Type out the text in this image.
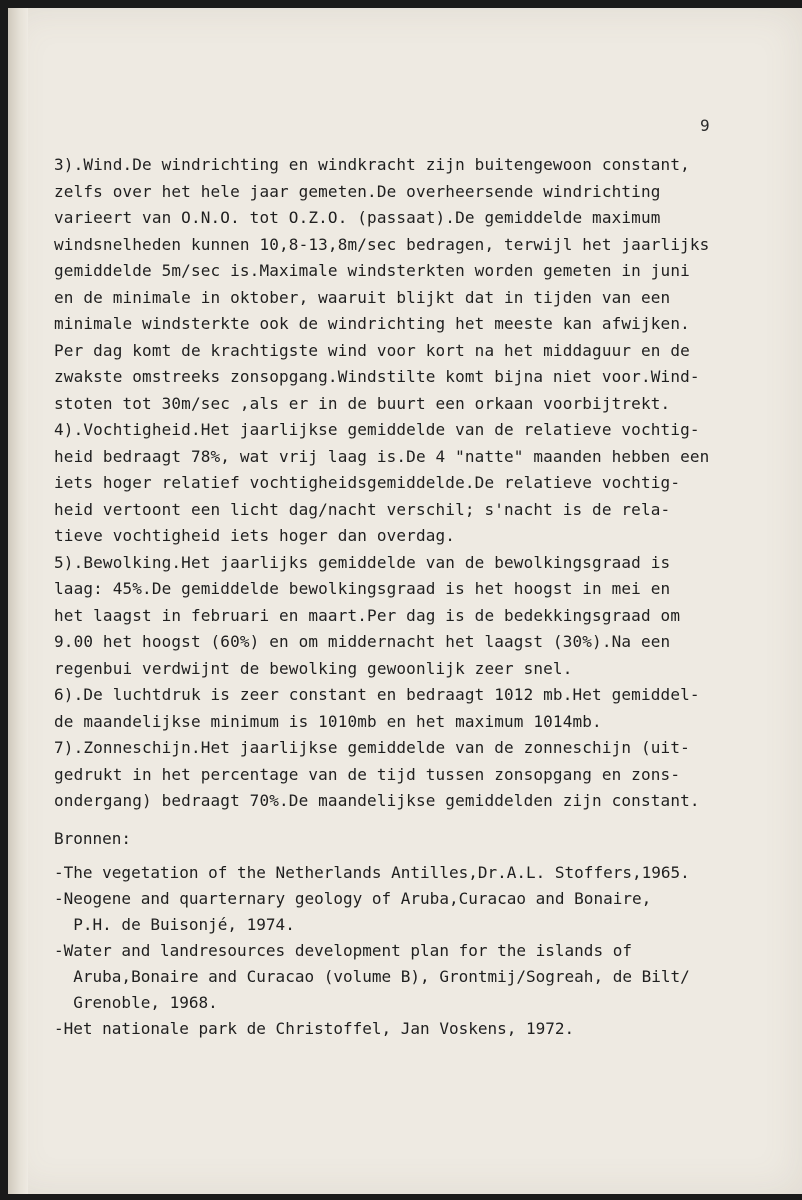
9
3).Wind.De windrichting en windkracht zijn buitengewoon constant,
zelfs over het hele jaar gemeten.De overheersende windrichting
varieert van O.N.O. tot O.Z.O. (passaat).De gemiddelde maximum
windsnelheden kunnen 10,8-13,8m/sec bedragen, terwijl het jaarlijks
gemiddelde 5m/sec is.Maximale windsterkten worden gemeten in juni
en de minimale in oktober, waaruit blijkt dat in tijden van een
minimale windsterkte ook de windrichting het meeste kan afwijken.
Per dag komt de krachtigste wind voor kort na het middaguur en de
zwakste omstreeks zonsopgang.Windstilte komt bijna niet voor.Wind-
stoten tot 30m/sec ,als er in de buurt een orkaan voorbijtrekt.
4).Vochtigheid.Het jaarlijkse gemiddelde van de relatieve vochtig-
heid bedraagt 78%, wat vrij laag is.De 4 "natte" maanden hebben een
iets hoger relatief vochtigheidsgemiddelde.De relatieve vochtig-
heid vertoont een licht dag/nacht verschil; s'nacht is de rela-
tieve vochtigheid iets hoger dan overdag.
5).Bewolking.Het jaarlijks gemiddelde van de bewolkingsgraad is
laag: 45%.De gemiddelde bewolkingsgraad is het hoogst in mei en
het laagst in februari en maart.Per dag is de bedekkingsgraad om
9.00 het hoogst (60%) en om middernacht het laagst (30%).Na een
regenbui verdwijnt de bewolking gewoonlijk zeer snel.
6).De luchtdruk is zeer constant en bedraagt 1012 mb.Het gemiddel-
de maandelijkse minimum is 1010mb en het maximum 1014mb.
7).Zonneschijn.Het jaarlijkse gemiddelde van de zonneschijn (uit-
gedrukt in het percentage van de tijd tussen zonsopgang en zons-
ondergang) bedraagt 70%.De maandelijkse gemiddelden zijn constant.
Bronnen:
-The vegetation of the Netherlands Antilles,Dr.A.L. Stoffers,1965.
-Neogene and quarternary geology of Aruba,Curacao and Bonaire,
P.H. de Buisonjé, 1974.
-Water and landresources development plan for the islands of
Aruba,Bonaire and Curacao (volume B), Grontmij/Sogreah, de Bilt/
Grenoble, 1968.
-Het nationale park de Christoffel, Jan Voskens, 1972.
